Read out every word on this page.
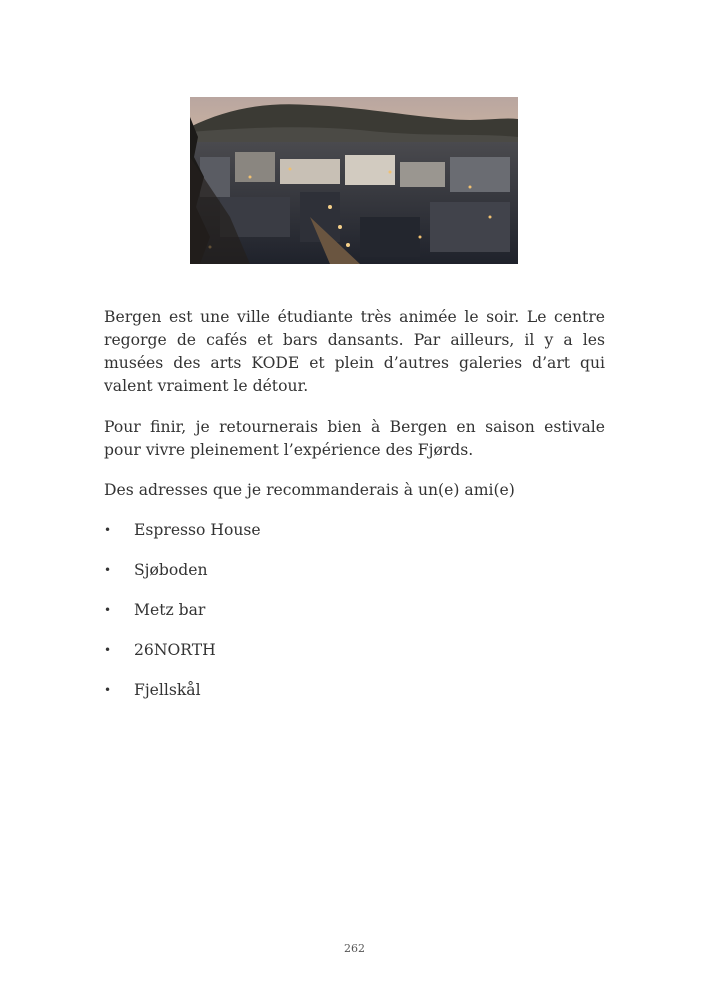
Bergen est une ville étudiante très animée le soir. Le centre regorge de cafés et bars dansants. Par ailleurs, il y a les musées des arts KODE et plein d’autres galeries d’art qui valent vraiment le détour.

Pour finir, je retournerais bien à Bergen en saison estivale pour vivre pleinement l’expérience des Fjørds.

Des adresses que je recommanderais à un(e) ami(e)

• Espresso House
• Sjøboden
• Metz bar
• 26NORTH
• Fjellskål
262
